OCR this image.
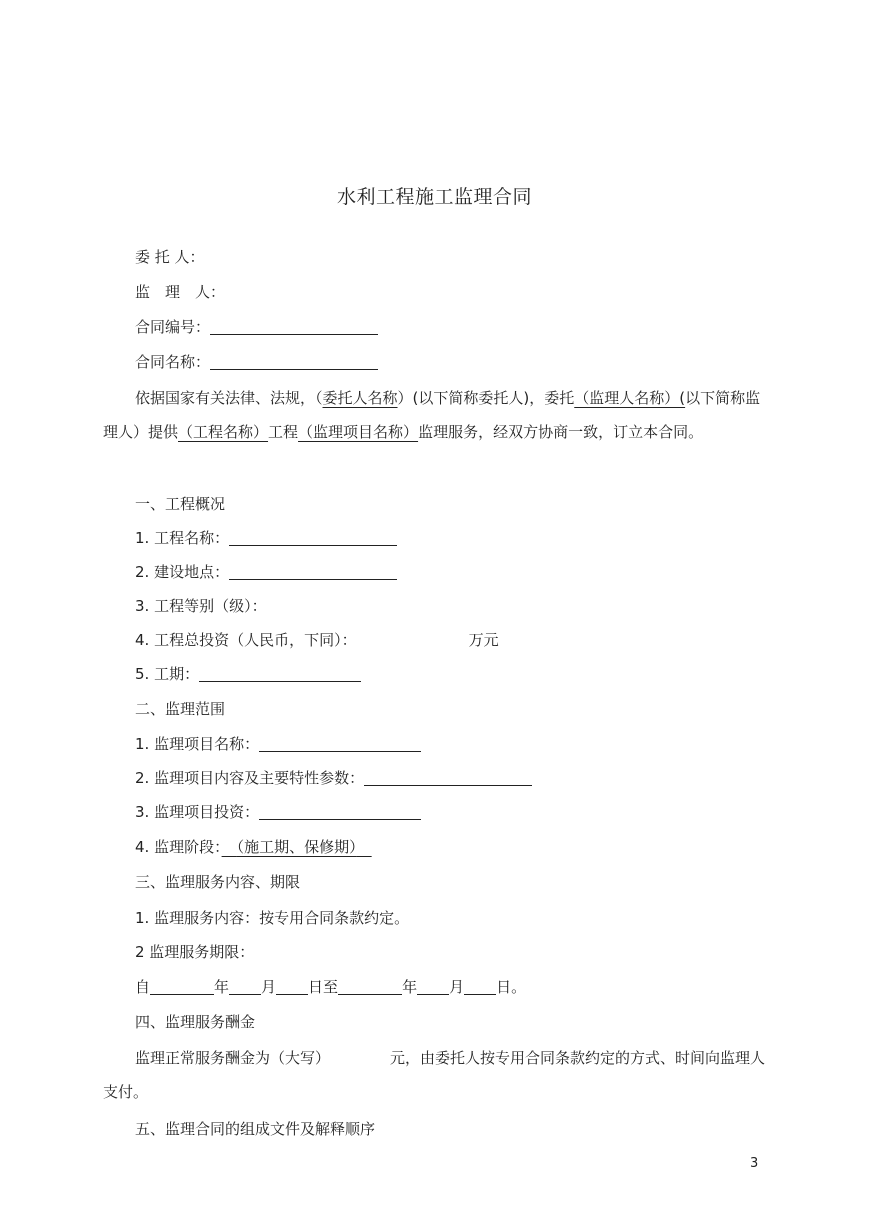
水利工程施工监理合同
委 托 人：
监　理　人：
合同编号：
合同名称：
依据国家有关法律、法规，（委托人名称）(以下简称委托人)，委托（监理人名称）(以下简称监理人）提供（工程名称）工程（监理项目名称）监理服务，经双方协商一致，订立本合同。
一、工程概况
1. 工程名称：
2. 建设地点：
3. 工程等别（级）：
4. 工程总投资（人民币，下同）：	万元
5. 工期：
二、监理范围
1. 监理项目名称：
2. 监理项目内容及主要特性参数：
3. 监理项目投资：
4. 监理阶段：　 （施工期、保修期）　
三、监理服务内容、期限
1. 监理服务内容：按专用合同条款约定。
2 监理服务期限：
自	年 月 日至	年 月 日。
四、监理服务酬金
监理正常服务酬金为（大写）	元，由委托人按专用合同条款约定的方式、时间向监理人支付。
五、监理合同的组成文件及解释顺序
3
